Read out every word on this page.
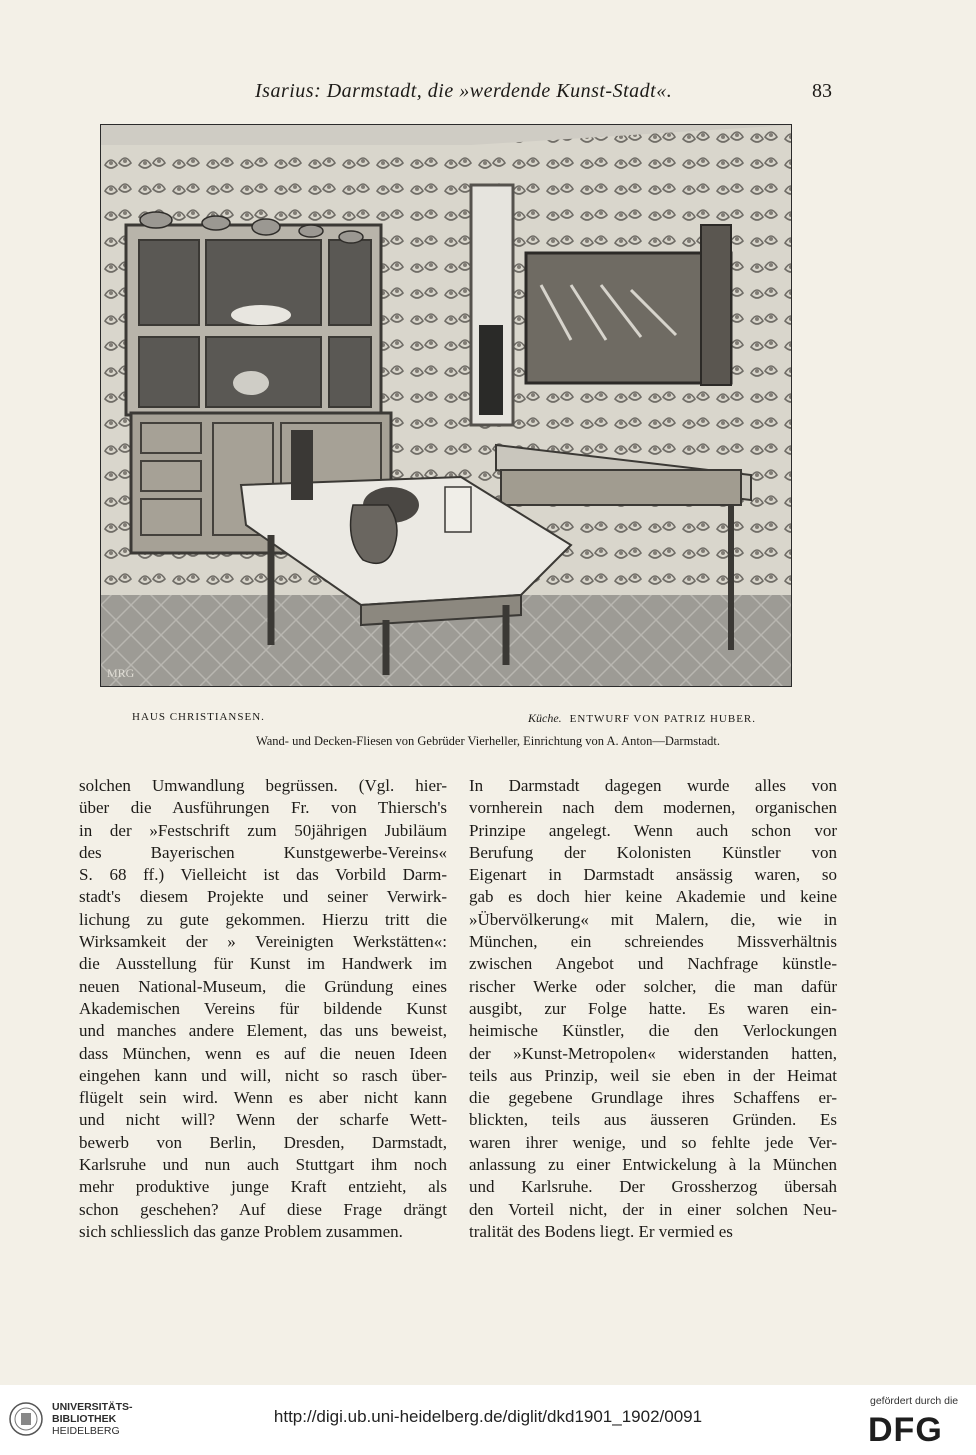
Isarius: Darmstadt, die »werdende Kunst-Stadt«.	83
MRG
HAUS CHRISTIANSEN.	Küche. ENTWURF VON PATRIZ HUBER.
Wand- und Decken-Fliesen von Gebrüder Vierheller, Einrichtung von A. Anton—Darmstadt.
solchen Umwandlung begrüssen. (Vgl. hier-
über die Ausführungen Fr. von Thiersch's
in der »Festschrift zum 50jährigen Jubiläum
des Bayerischen Kunstgewerbe-Vereins«
S. 68 ff.) Vielleicht ist das Vorbild Darm-
stadt's diesem Projekte und seiner Verwirk-
lichung zu gute gekommen. Hierzu tritt die
Wirksamkeit der » Vereinigten Werkstätten«:
die Ausstellung für Kunst im Handwerk im
neuen National-Museum, die Gründung eines
Akademischen Vereins für bildende Kunst
und manches andere Element, das uns beweist,
dass München, wenn es auf die neuen Ideen
eingehen kann und will, nicht so rasch über-
flügelt sein wird. Wenn es aber nicht kann
und nicht will? Wenn der scharfe Wett-
bewerb von Berlin, Dresden, Darmstadt,
Karlsruhe und nun auch Stuttgart ihm noch
mehr produktive junge Kraft entzieht, als
schon geschehen? Auf diese Frage drängt
sich schliesslich das ganze Problem zusammen.
In Darmstadt dagegen wurde alles von
vornherein nach dem modernen, organischen
Prinzipe angelegt. Wenn auch schon vor
Berufung der Kolonisten Künstler von
Eigenart in Darmstadt ansässig waren, so
gab es doch hier keine Akademie und keine
»Übervölkerung« mit Malern, die, wie in
München, ein schreiendes Missverhältnis
zwischen Angebot und Nachfrage künstle-
rischer Werke oder solcher, die man dafür
ausgibt, zur Folge hatte. Es waren ein-
heimische Künstler, die den Verlockungen
der »Kunst-Metropolen« widerstanden hatten,
teils aus Prinzip, weil sie eben in der Heimat
die gegebene Grundlage ihres Schaffens er-
blickten, teils aus äusseren Gründen. Es
waren ihrer wenige, und so fehlte jede Ver-
anlassung zu einer Entwickelung à la München
und Karlsruhe. Der Grossherzog übersah
den Vorteil nicht, der in einer solchen Neu-
tralität des Bodens liegt. Er vermied es
UNIVERSITÄTS-
BIBLIOTHEK
HEIDELBERG
http://digi.ub.uni-heidelberg.de/diglit/dkd1901_1902/0091
gefördert durch die
DFG
